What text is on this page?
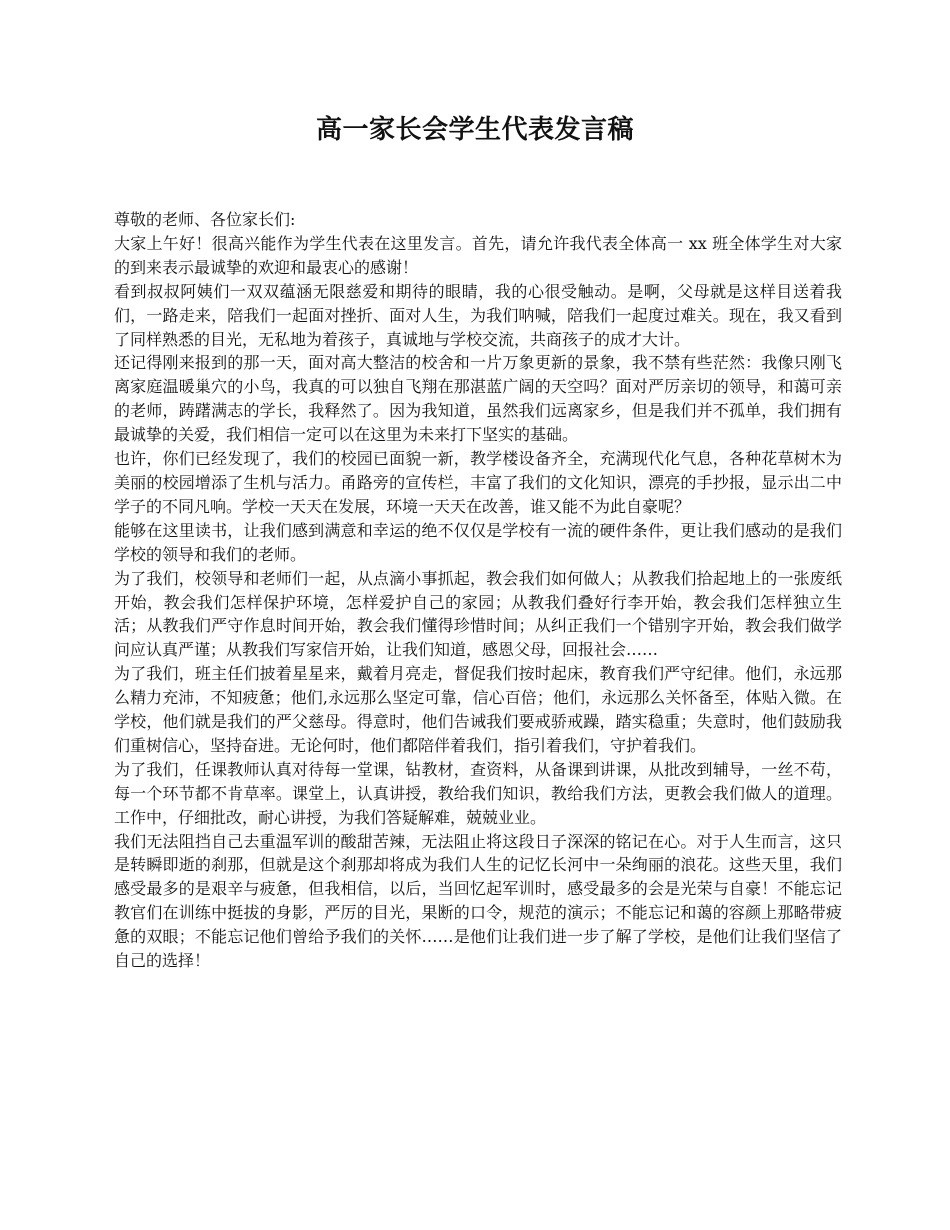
高一家长会学生代表发言稿

尊敬的老师、各位家长们:

大家上午好！很高兴能作为学生代表在这里发言。首先，请允许我代表全体高一 xx 班全体学生对大家的到来表示最诚挚的欢迎和最衷心的感谢！

看到叔叔阿姨们一双双蕴涵无限慈爱和期待的眼睛，我的心很受触动。是啊，父母就是这样目送着我们，一路走来，陪我们一起面对挫折、面对人生，为我们呐喊，陪我们一起度过难关。现在，我又看到了同样熟悉的目光，无私地为着孩子，真诚地与学校交流，共商孩子的成才大计。

还记得刚来报到的那一天，面对高大整洁的校舍和一片万象更新的景象，我不禁有些茫然：我像只刚飞离家庭温暖巢穴的小鸟，我真的可以独自飞翔在那湛蓝广阔的天空吗？面对严厉亲切的领导，和蔼可亲的老师，踌躇满志的学长，我释然了。因为我知道，虽然我们远离家乡，但是我们并不孤单，我们拥有最诚挚的关爱，我们相信一定可以在这里为未来打下坚实的基础。

也许，你们已经发现了，我们的校园已面貌一新，教学楼设备齐全，充满现代化气息，各种花草树木为美丽的校园增添了生机与活力。甬路旁的宣传栏，丰富了我们的文化知识，漂亮的手抄报，显示出二中学子的不同凡响。学校一天天在发展，环境一天天在改善，谁又能不为此自豪呢？

能够在这里读书，让我们感到满意和幸运的绝不仅仅是学校有一流的硬件条件，更让我们感动的是我们学校的领导和我们的老师。

为了我们，校领导和老师们一起，从点滴小事抓起，教会我们如何做人；从教我们拾起地上的一张废纸开始，教会我们怎样保护环境，怎样爱护自己的家园；从教我们叠好行李开始，教会我们怎样独立生活；从教我们严守作息时间开始，教会我们懂得珍惜时间；从纠正我们一个错别字开始，教会我们做学问应认真严谨；从教我们写家信开始，让我们知道，感恩父母，回报社会……

为了我们，班主任们披着星星来，戴着月亮走，督促我们按时起床，教育我们严守纪律。他们，永远那么精力充沛，不知疲惫；他们,永远那么坚定可靠，信心百倍；他们，永远那么关怀备至，体贴入微。在学校，他们就是我们的严父慈母。得意时，他们告诫我们要戒骄戒躁，踏实稳重；失意时，他们鼓励我们重树信心，坚持奋进。无论何时，他们都陪伴着我们，指引着我们，守护着我们。

为了我们，任课教师认真对待每一堂课，钻教材，查资料，从备课到讲课，从批改到辅导，一丝不苟，每一个环节都不肯草率。课堂上，认真讲授，教给我们知识，教给我们方法，更教会我们做人的道理。工作中，仔细批改，耐心讲授，为我们答疑解难，兢兢业业。

我们无法阻挡自己去重温军训的酸甜苦辣，无法阻止将这段日子深深的铭记在心。对于人生而言，这只是转瞬即逝的刹那，但就是这个刹那却将成为我们人生的记忆长河中一朵绚丽的浪花。这些天里，我们感受最多的是艰辛与疲惫，但我相信，以后，当回忆起军训时，感受最多的会是光荣与自豪！不能忘记教官们在训练中挺拔的身影，严厉的目光，果断的口令，规范的演示；不能忘记和蔼的容颜上那略带疲惫的双眼；不能忘记他们曾给予我们的关怀……是他们让我们进一步了解了学校，是他们让我们坚信了自己的选择！
